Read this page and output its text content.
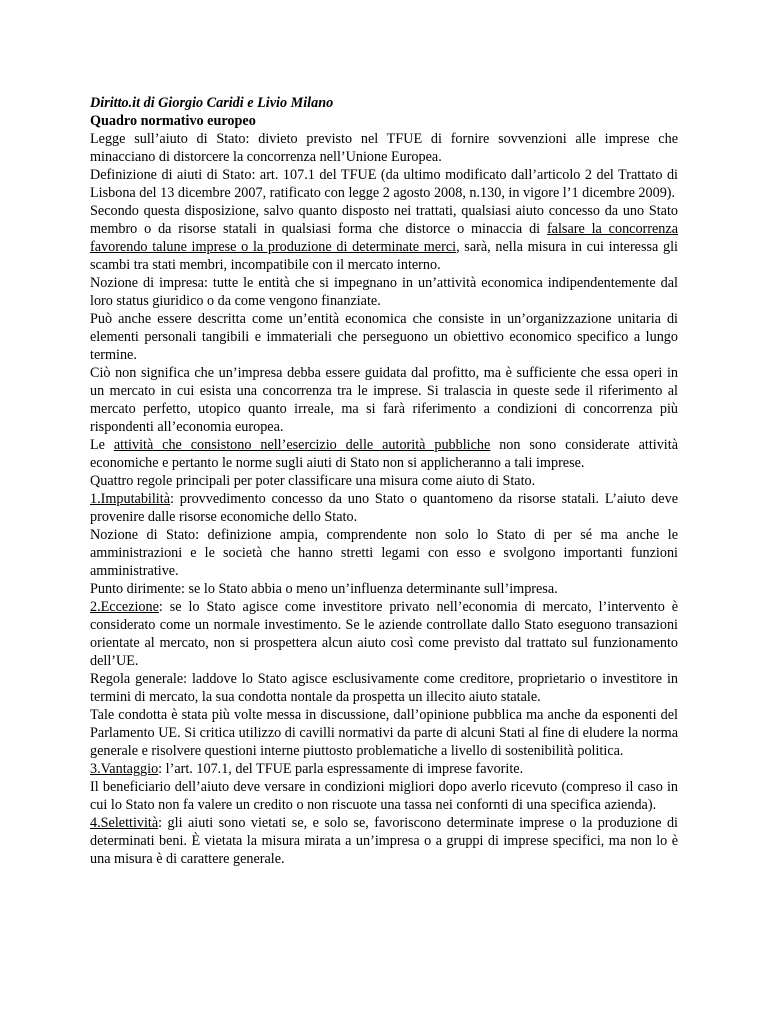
Diritto.it di Giorgio Caridi e Livio Milano

Quadro normativo europeo

Legge sull’aiuto di Stato: divieto previsto nel TFUE di fornire sovvenzioni alle imprese che minacciano di distorcere la concorrenza nell’Unione Europea.

Definizione di aiuti di Stato: art. 107.1 del TFUE (da ultimo modificato dall’articolo 2 del Trattato di Lisbona del 13 dicembre 2007, ratificato con legge 2 agosto 2008, n.130, in vigore l’1 dicembre 2009).

Secondo questa disposizione, salvo quanto disposto nei trattati, qualsiasi aiuto concesso da uno Stato membro o da risorse statali in qualsiasi forma che distorce o minaccia di falsare la concorrenza favorendo talune imprese o la produzione di determinate merci, sarà, nella misura in cui interessa gli scambi tra stati membri, incompatibile con il mercato interno.

Nozione di impresa: tutte le entità che si impegnano in un’attività economica indipendentemente dal loro status giuridico o da come vengono finanziate.

Può anche essere descritta come un’entità economica che consiste in un’organizzazione unitaria di elementi personali tangibili e immateriali che perseguono un obiettivo economico specifico a lungo termine.

Ciò non significa che un’impresa debba essere guidata dal profitto, ma è sufficiente che essa operi in un mercato in cui esista una concorrenza tra le imprese. Si tralascia in queste sede il riferimento al mercato perfetto, utopico quanto irreale, ma si farà riferimento a condizioni di concorrenza più rispondenti all’economia europea.

Le attività che consistono nell’esercizio delle autorità pubbliche non sono considerate attività economiche e pertanto le norme sugli aiuti di Stato non si applicheranno a tali imprese.

Quattro regole principali per poter classificare una misura come aiuto di Stato.

1.Imputabilità: provvedimento concesso da uno Stato o quantomeno da risorse statali. L’aiuto deve provenire dalle risorse economiche dello Stato.

Nozione di Stato: definizione ampia, comprendente non solo lo Stato di per sé ma anche le amministrazioni e le società che hanno stretti legami con esso e svolgono importanti funzioni amministrative.

Punto dirimente: se lo Stato abbia o meno un’influenza determinante sull’impresa.

2.Eccezione: se lo Stato agisce come investitore privato nell’economia di mercato, l’intervento è considerato come un normale investimento. Se le aziende controllate dallo Stato eseguono transazioni orientate al mercato, non si prospettera alcun aiuto così come previsto dal trattato sul funzionamento dell’UE.

Regola generale: laddove lo Stato agisce esclusivamente come creditore, proprietario o investitore in termini di mercato, la sua condotta nontale da prospetta un illecito aiuto statale.

Tale condotta è stata più volte messa in discussione, dall’opinione pubblica ma anche da esponenti del Parlamento UE. Si critica utilizzo di cavilli normativi da parte di alcuni Stati al fine di eludere la norma generale e risolvere questioni interne piuttosto problematiche a livello di sostenibilità politica.

3.Vantaggio: l’art. 107.1, del TFUE parla espressamente di imprese favorite.

Il beneficiario dell’aiuto deve versare in condizioni migliori dopo averlo ricevuto (compreso il caso in cui lo Stato non fa valere un credito o non riscuote una tassa nei confornti di una specifica azienda).

4.Selettività: gli aiuti sono vietati se, e solo se, favoriscono determinate imprese o la produzione di determinati beni. È vietata la misura mirata a un’impresa o a gruppi di imprese specifici, ma non lo è una misura è di carattere generale.
